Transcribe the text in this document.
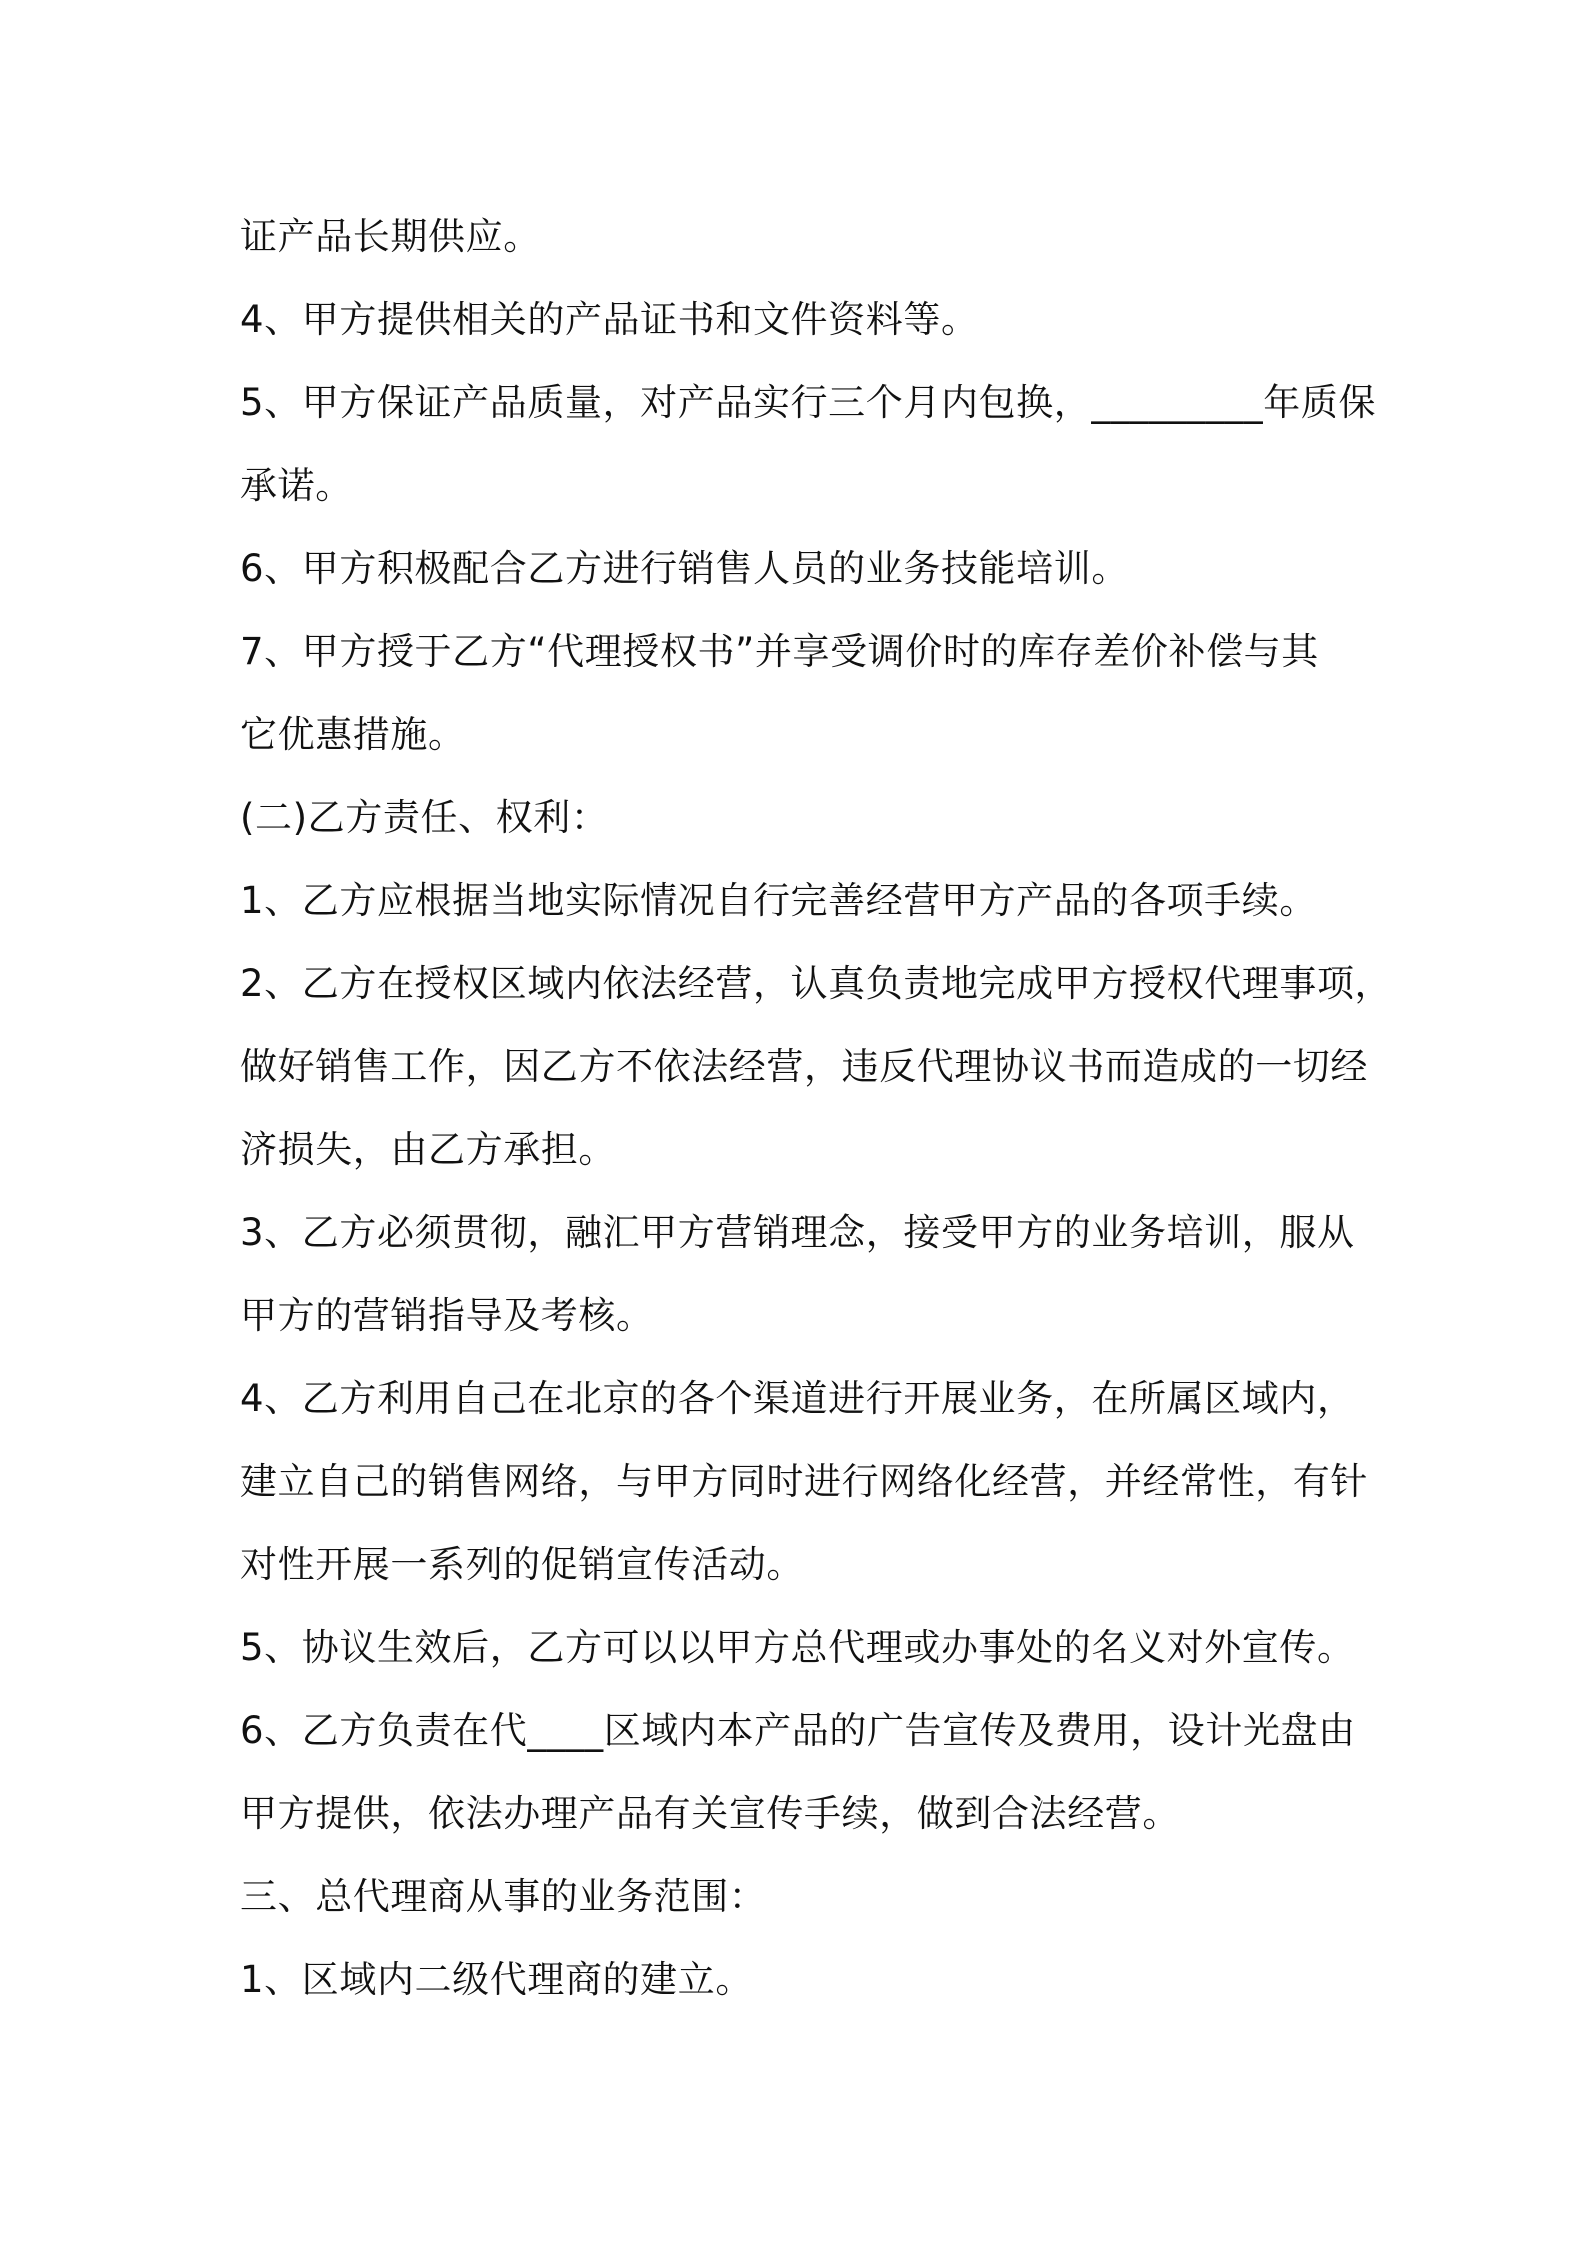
证产品长期供应。

4、甲方提供相关的产品证书和文件资料等。

5、甲方保证产品质量，对产品实行三个月内包换，_________年质保

承诺。

6、甲方积极配合乙方进行销售人员的业务技能培训。

7、甲方授于乙方“代理授权书”并享受调价时的库存差价补偿与其

它优惠措施。

(二)乙方责任、权利：

1、乙方应根据当地实际情况自行完善经营甲方产品的各项手续。

2、乙方在授权区域内依法经营，认真负责地完成甲方授权代理事项，

做好销售工作，因乙方不依法经营，违反代理协议书而造成的一切经

济损失，由乙方承担。

3、乙方必须贯彻，融汇甲方营销理念，接受甲方的业务培训，服从

甲方的营销指导及考核。

4、乙方利用自己在北京的各个渠道进行开展业务，在所属区域内，

建立自己的销售网络，与甲方同时进行网络化经营，并经常性，有针

对性开展一系列的促销宣传活动。

5、协议生效后，乙方可以以甲方总代理或办事处的名义对外宣传。

6、乙方负责在代____区域内本产品的广告宣传及费用，设计光盘由

甲方提供，依法办理产品有关宣传手续，做到合法经营。

三、总代理商从事的业务范围：

1、区域内二级代理商的建立。
